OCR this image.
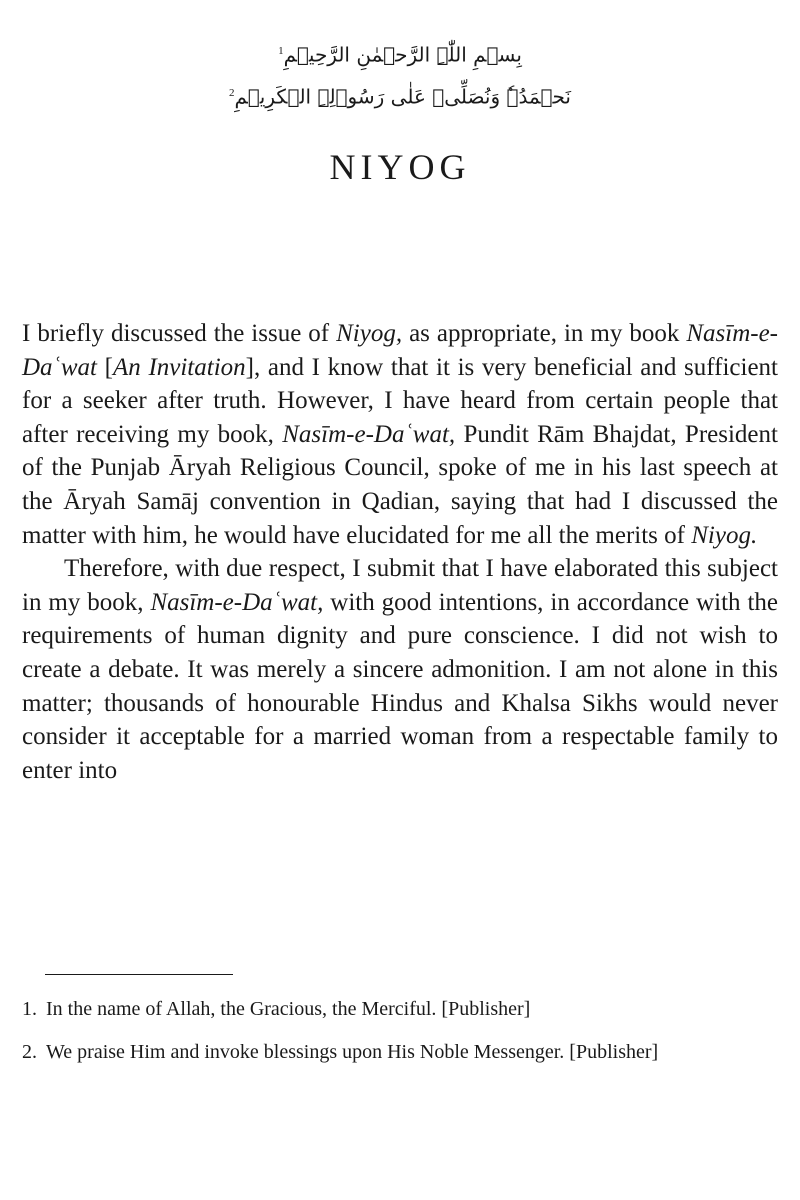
بِسۡمِ اللّٰہِ الرَّحۡمٰنِ الرَّحِیۡمِ$^1$
نَحۡمَدُہٗ وَنُصَلِّیۡ عَلٰی رَسُوۡلِہِ الۡکَرِیۡمِ$^2$
NIYOG

I briefly discussed the issue of Niyog, as appropriate, in my book Nasīm-e-Daʿwat [An Invitation], and I know that it is very beneficial and sufficient for a seeker after truth. However, I have heard from certain people that after receiving my book, Nasīm-e-Daʿwat, Pundit Rām Bhajdat, President of the Punjab Āryah Religious Council, spoke of me in his last speech at the Āryah Samāj convention in Qadian, saying that had I discussed the matter with him, he would have elucidated for me all the merits of Niyog.

Therefore, with due respect, I submit that I have elaborated this subject in my book, Nasīm-e-Daʿwat, with good intentions, in accordance with the requirements of human dignity and pure conscience. I did not wish to create a debate. It was merely a sincere admonition. I am not alone in this matter; thousands of honourable Hindus and Khalsa Sikhs would never consider it acceptable for a married woman from a respectable family to enter into

1. In the name of Allah, the Gracious, the Merciful. [Publisher]
2. We praise Him and invoke blessings upon His Noble Messenger. [Publisher]
